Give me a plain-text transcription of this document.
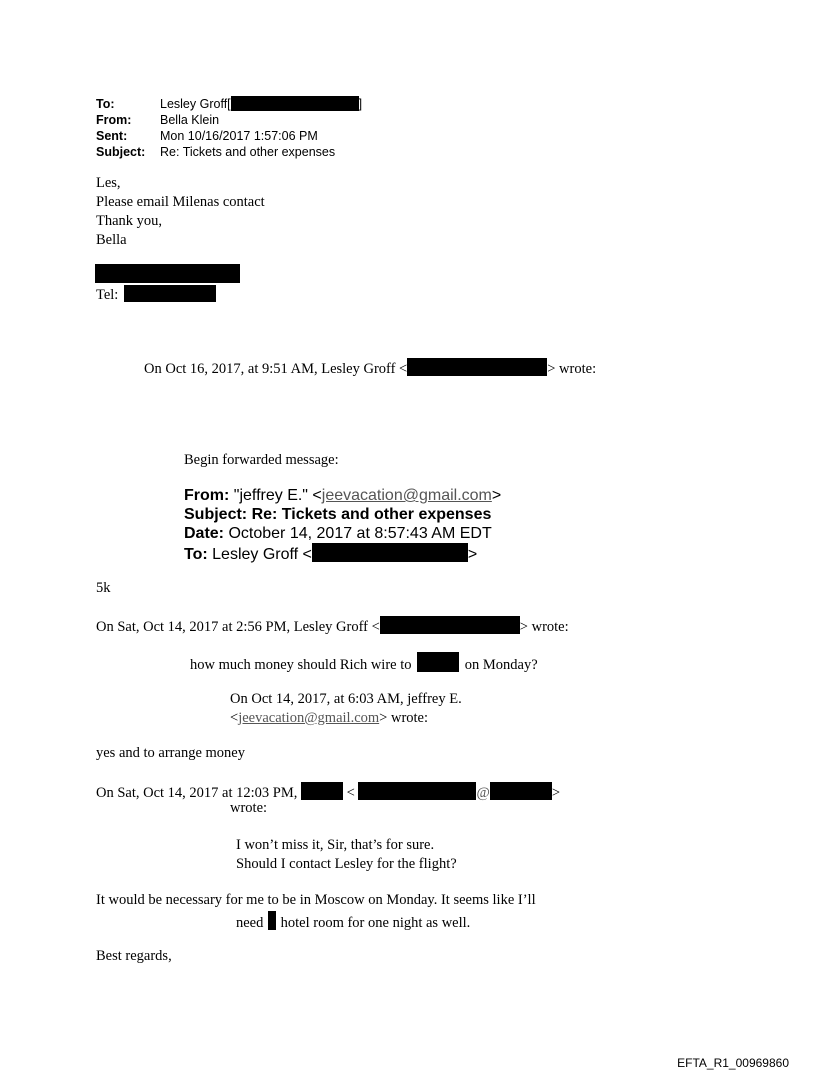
To:	Lesley Groff[	]
From:	Bella Klein
Sent:	Mon 10/16/2017 1:57:06 PM
Subject:	Re: Tickets and other expenses
Les,
Please email Milenas contact
Thank you,
Bella
Tel:
On Oct 16, 2017, at 9:51 AM, Lesley Groff <	> wrote:
Begin forwarded message:
From: "jeffrey E." <jeevacation@gmail.com>
Subject: Re: Tickets and other expenses
Date: October 14, 2017 at 8:57:43 AM EDT
To: Lesley Groff <	>
5k
On Sat, Oct 14, 2017 at 2:56 PM, Lesley Groff <	> wrote:
how much money should Rich wire to	on Monday?
On Oct 14, 2017, at 6:03 AM, jeffrey E.
<jeevacation@gmail.com> wrote:
yes and to arrange money
On Sat, Oct 14, 2017 at 12:03 PM,	<	@	>
wrote:
I won’t miss it, Sir, that’s for sure.
Should I contact Lesley for the flight?
It would be necessary for me to be in Moscow on Monday. It seems like I’ll
need hotel room for one night as well.
Best regards,
EFTA_R1_00969860
